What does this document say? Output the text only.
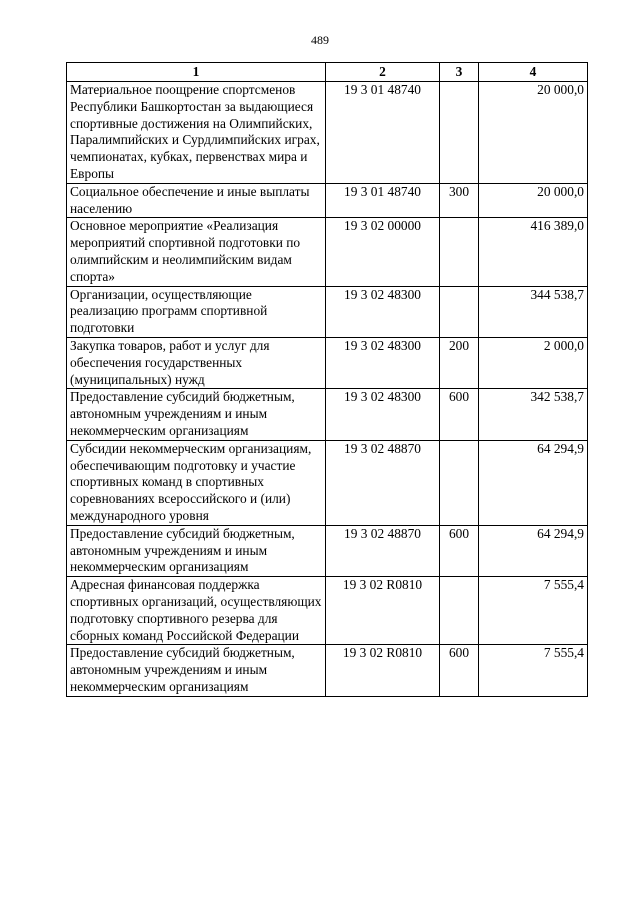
489
1	2	3	4
Материальное поощрение спортсменов Республики Башкортостан за выдающиеся спортивные достижения на Олимпийских, Паралимпийских и Сурдлимпийских играх, чемпионатах, кубках, первенствах мира и Европы	19 3 01 48740		20 000,0
Социальное обеспечение и иные выплаты населению	19 3 01 48740	300	20 000,0
Основное мероприятие «Реализация мероприятий спортивной подготовки по олимпийским и неолимпийским видам спорта»	19 3 02 00000		416 389,0
Организации, осуществляющие реализацию программ спортивной подготовки	19 3 02 48300		344 538,7
Закупка товаров, работ и услуг для обеспечения государственных (муниципальных) нужд	19 3 02 48300	200	2 000,0
Предоставление субсидий бюджетным, автономным учреждениям и иным некоммерческим организациям	19 3 02 48300	600	342 538,7
Субсидии некоммерческим организациям, обеспечивающим подготовку и участие спортивных команд в спортивных соревнованиях всероссийского и (или) международного уровня	19 3 02 48870		64 294,9
Предоставление субсидий бюджетным, автономным учреждениям и иным некоммерческим организациям	19 3 02 48870	600	64 294,9
Адресная финансовая поддержка спортивных организаций, осуществляющих подготовку спортивного резерва для сборных команд Российской Федерации	19 3 02 R0810		7 555,4
Предоставление субсидий бюджетным, автономным учреждениям и иным некоммерческим организациям	19 3 02 R0810	600	7 555,4
